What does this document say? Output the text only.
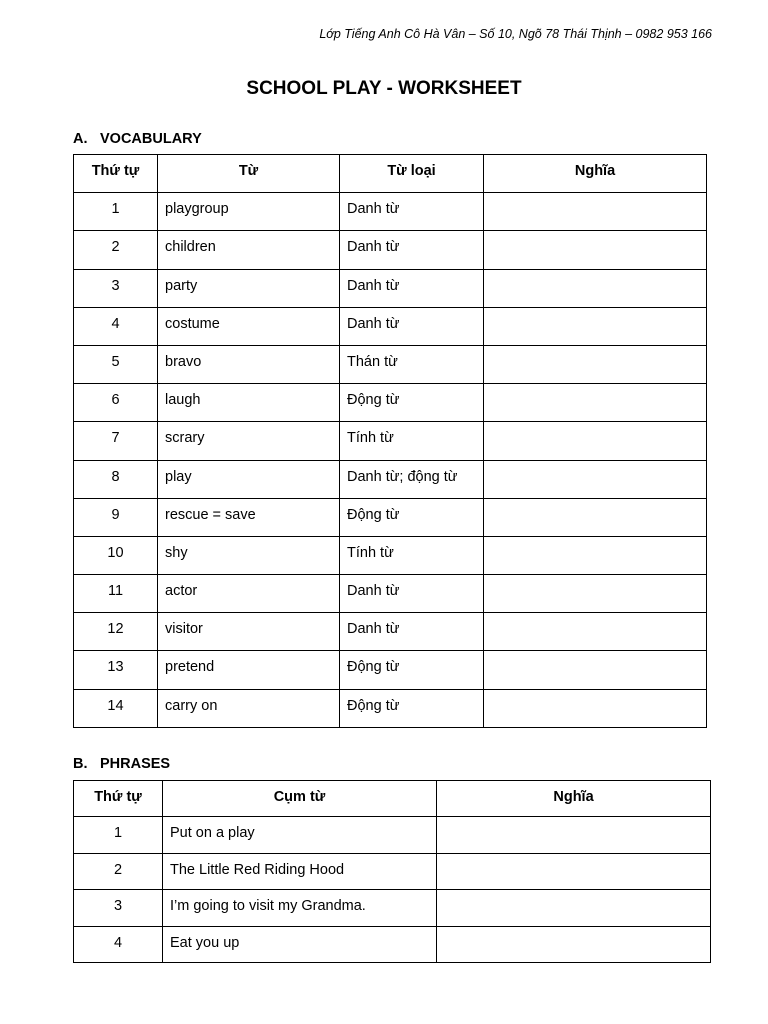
Lớp Tiếng Anh Cô Hà Vân – Số 10, Ngõ 78 Thái Thịnh – 0982 953 166
SCHOOL PLAY - WORKSHEET
A. VOCABULARY
Thứ tự	Từ	Từ loại	Nghĩa
1	playgroup	Danh từ	
2	children	Danh từ	
3	party	Danh từ	
4	costume	Danh từ	
5	bravo	Thán từ	
6	laugh	Động từ	
7	scrary	Tính từ	
8	play	Danh từ; động từ	
9	rescue = save	Động từ	
10	shy	Tính từ	
11	actor	Danh từ	
12	visitor	Danh từ	
13	pretend	Động từ	
14	carry on	Động từ	
B. PHRASES
Thứ tự	Cụm từ	Nghĩa
1	Put on a play	
2	The Little Red Riding Hood	
3	I’m going to visit my Grandma.	
4	Eat you up	
